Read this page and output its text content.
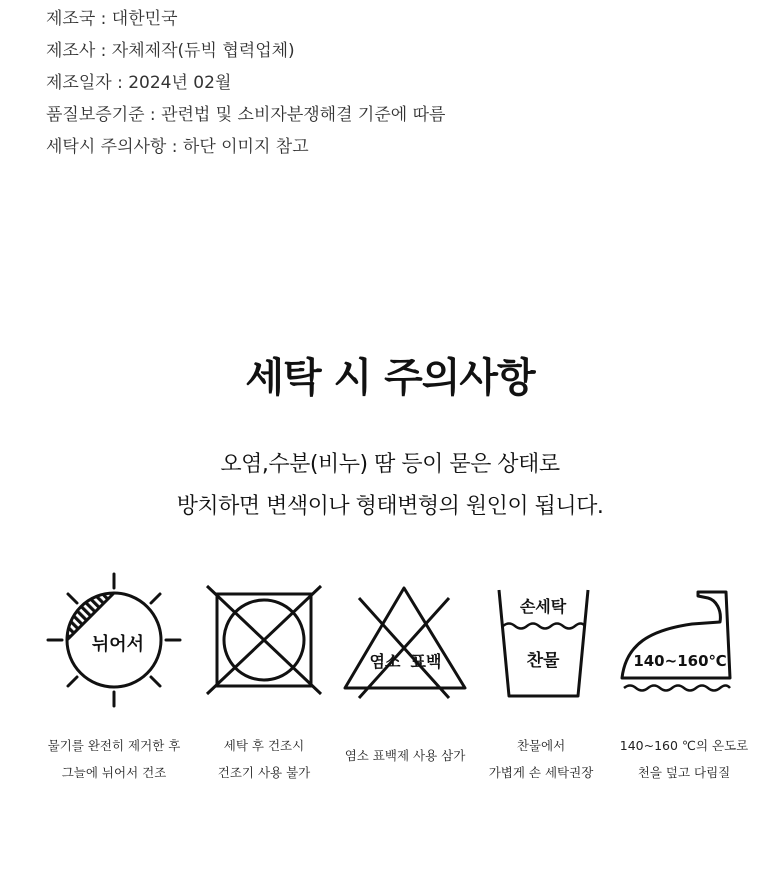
제조국 : 대한민국
제조사 : 자체제작(듀빅 협력업체)
제조일자 : 2024년 02월
품질보증기준 : 관련법 및 소비자분쟁해결 기준에 따름
세탁시 주의사항 : 하단 이미지 참고
세탁 시 주의사항
오염,수분(비누) 땀 등이 묻은 상태로
방치하면 변색이나 형태변형의 원인이 됩니다.
뉘어서
염소 표백
손세탁
찬물	140~160℃
물기를 완전히 제거한 후
그늘에 뉘어서 건조
세탁 후 건조시
건조기 사용 불가
염소 표백제 사용 삼가
찬물에서
가볍게 손 세탁권장
140~160 ℃의 온도로
천을 덮고 다림질
